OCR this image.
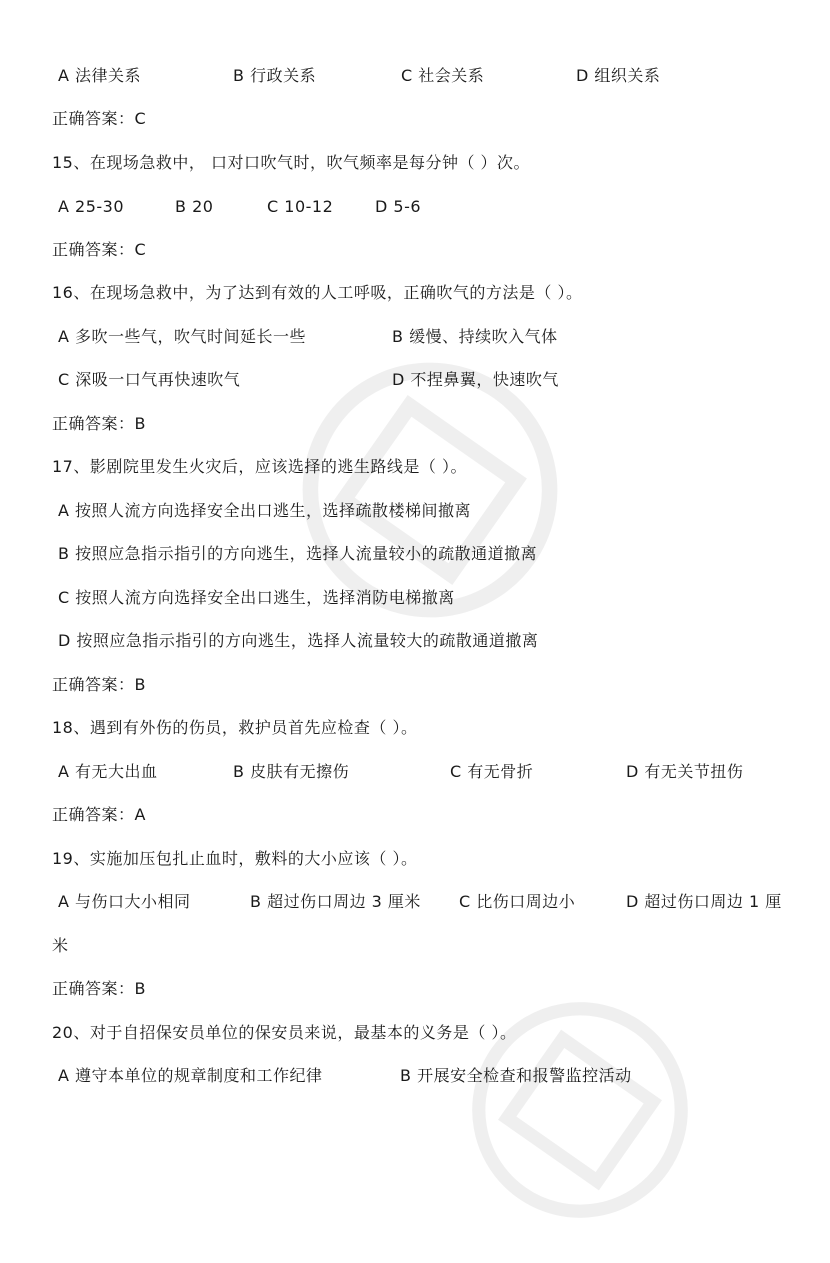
A 法律关系	B 行政关系	C 社会关系	D 组织关系
正确答案：C
15、在现场急救中， 口对口吹气时，吹气频率是每分钟（ ）次。
A 25-30	B 20	C 10-12	D 5-6
正确答案：C
16、在现场急救中，为了达到有效的人工呼吸，正确吹气的方法是（ ）。
A 多吹一些气，吹气时间延长一些	B 缓慢、持续吹入气体
C 深吸一口气再快速吹气	D 不捏鼻翼，快速吹气
正确答案：B
17、影剧院里发生火灾后，应该选择的逃生路线是（ ）。
A 按照人流方向选择安全出口逃生，选择疏散楼梯间撤离
B 按照应急指示指引的方向逃生，选择人流量较小的疏散通道撤离
C 按照人流方向选择安全出口逃生，选择消防电梯撤离
D 按照应急指示指引的方向逃生，选择人流量较大的疏散通道撤离
正确答案：B
18、遇到有外伤的伤员，救护员首先应检查（ ）。
A 有无大出血	B 皮肤有无擦伤	C 有无骨折	D 有无关节扭伤
正确答案：A
19、实施加压包扎止血时，敷料的大小应该（ ）。
A 与伤口大小相同	B 超过伤口周边 3 厘米 C 比伤口周边小	D 超过伤口周边 1 厘
米
正确答案：B
20、对于自招保安员单位的保安员来说，最基本的义务是（ ）。
A 遵守本单位的规章制度和工作纪律	B 开展安全检查和报警监控活动
